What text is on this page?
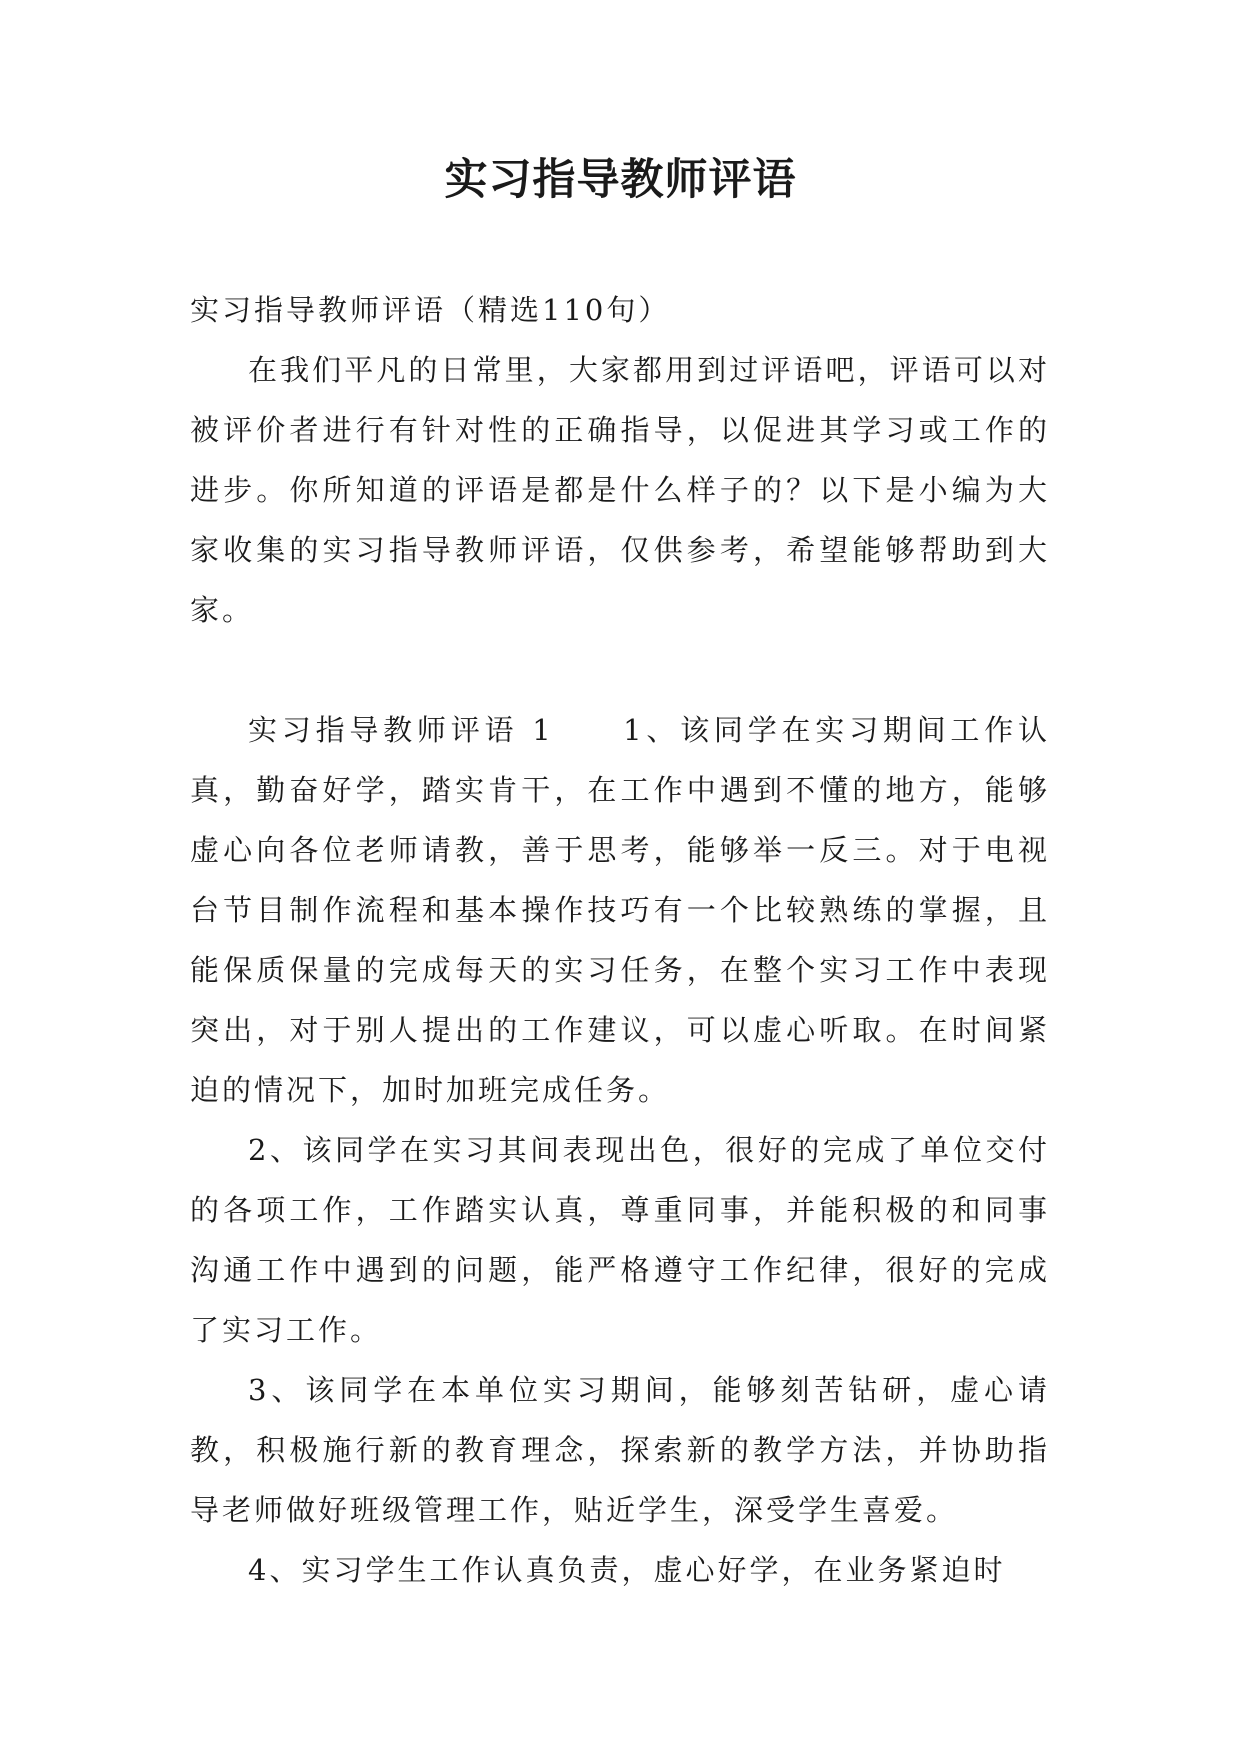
实习指导教师评语

实习指导教师评语（精选110句）

在我们平凡的日常里，大家都用到过评语吧，评语可以对被评价者进行有针对性的正确指导，以促进其学习或工作的进步。你所知道的评语是都是什么样子的？以下是小编为大家收集的实习指导教师评语，仅供参考，希望能够帮助到大家。

实习指导教师评语 1　　1、该同学在实习期间工作认真，勤奋好学，踏实肯干，在工作中遇到不懂的地方，能够虚心向各位老师请教，善于思考，能够举一反三。对于电视台节目制作流程和基本操作技巧有一个比较熟练的掌握，且能保质保量的完成每天的实习任务，在整个实习工作中表现突出，对于别人提出的工作建议，可以虚心听取。在时间紧迫的情况下，加时加班完成任务。

2、该同学在实习其间表现出色，很好的完成了单位交付的各项工作，工作踏实认真，尊重同事，并能积极的和同事沟通工作中遇到的问题，能严格遵守工作纪律，很好的完成了实习工作。

3、该同学在本单位实习期间，能够刻苦钻研，虚心请教，积极施行新的教育理念，探索新的教学方法，并协助指导老师做好班级管理工作，贴近学生，深受学生喜爱。

4、实习学生工作认真负责，虚心好学，在业务紧迫时
